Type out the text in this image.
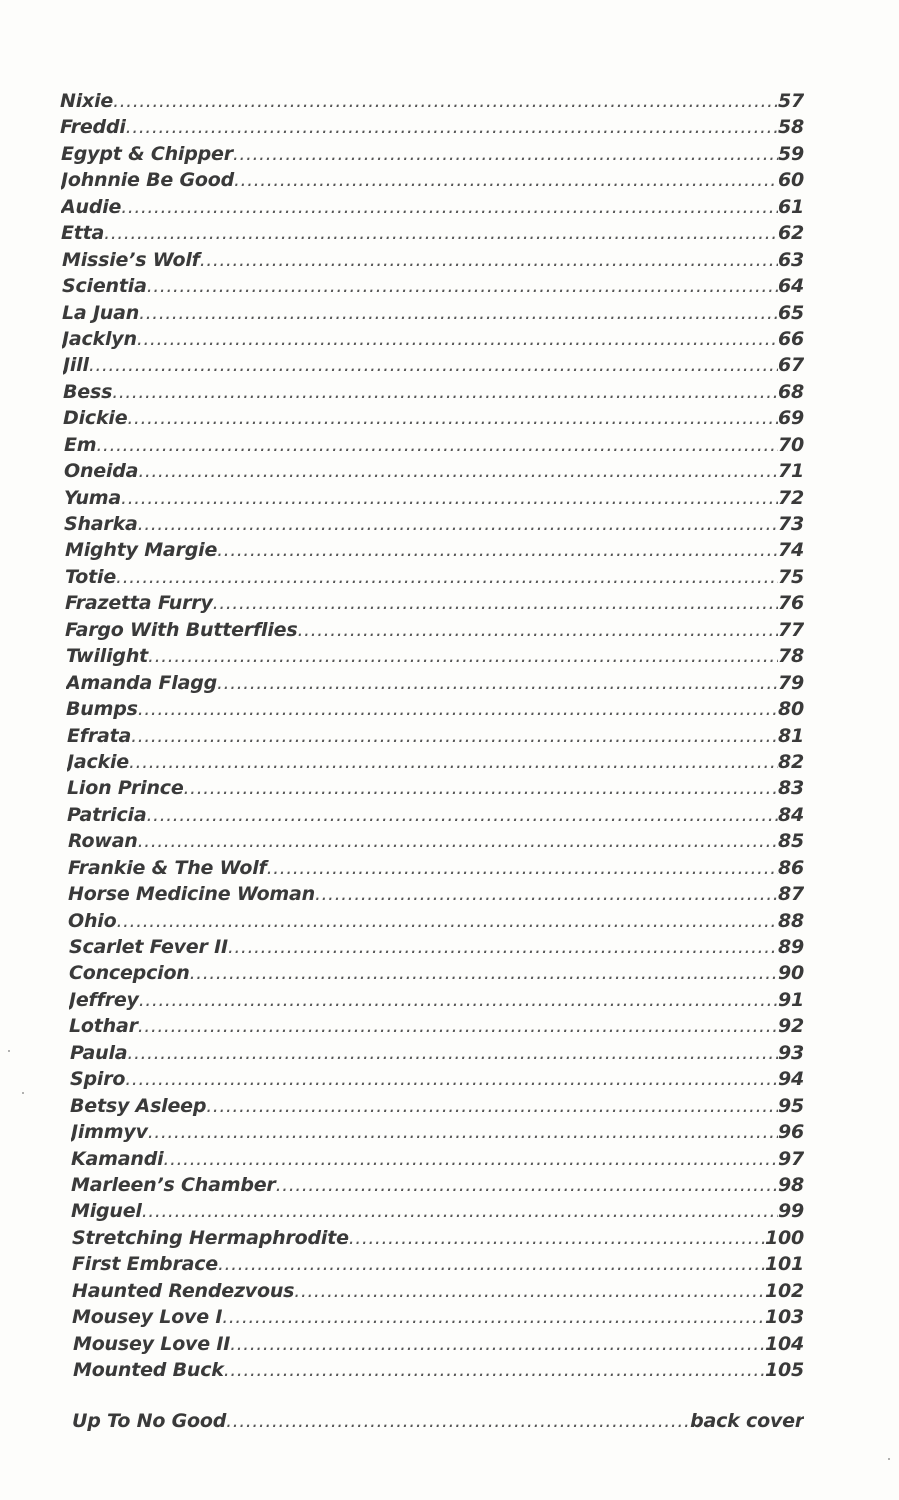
Nixie .....	57
Freddi .....	58
Egypt & Chipper .....	59
Johnnie Be Good .....	60
Audie .....	61
Etta .....	62
Missie’s Wolf .....	63
Scientia .....	64
La Juan .....	65
Jacklyn .....	66
Jill .....	67
Bess .....	68
Dickie .....	69
Em .....	70
Oneida .....	71
Yuma .....	72
Sharka .....	73
Mighty Margie .....	74
Totie .....	75
Frazetta Furry .....	76
Fargo With Butterflies .....	77
Twilight .....	78
Amanda Flagg .....	79
Bumps .....	80
Efrata .....	81
Jackie .....	82
Lion Prince .....	83
Patricia .....	84
Rowan .....	85
Frankie & The Wolf .....	86
Horse Medicine Woman .....	87
Ohio .....	88
Scarlet Fever II .....	89
Concepcion .....	90
Jeffrey .....	91
Lothar .....	92
Paula .....	93
Spiro .....	94
Betsy Asleep .....	95
Jimmyv .....	96
Kamandi .....	97
Marleen’s Chamber .....	98
Miguel .....	99
Stretching Hermaphrodite .....	100
First Embrace .....	101
Haunted Rendezvous .....	102
Mousey Love I .....	103
Mousey Love II .....	104
Mounted Buck .....	105
Up To No Good .....	back cover
